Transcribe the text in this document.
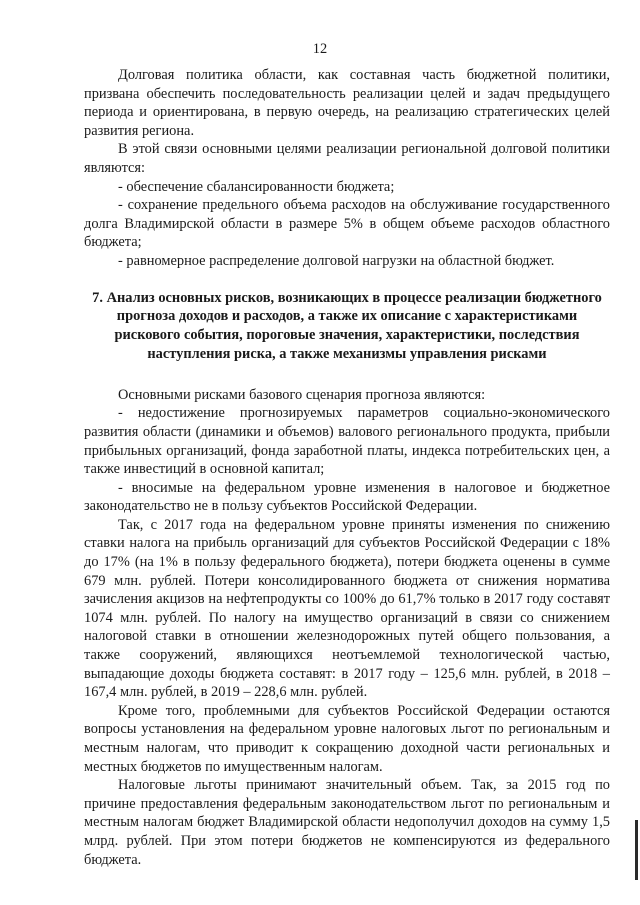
12

Долговая политика области, как составная часть бюджетной политики, призвана обеспечить последовательность реализации целей и задач предыдущего периода и ориентирована, в первую очередь, на реализацию стратегических целей развития региона.

В этой связи основными целями реализации региональной долговой политики являются:

- обеспечение сбалансированности бюджета;

- сохранение предельного объема расходов на обслуживание государственного долга Владимирской области в размере 5% в общем объеме расходов областного бюджета;

- равномерное распределение долговой нагрузки на областной бюджет.

7. Анализ основных рисков, возникающих в процессе реализации бюджетного прогноза доходов и расходов, а также их описание с характеристиками рискового события, пороговые значения, характеристики, последствия наступления риска, а также механизмы управления рисками

Основными рисками базового сценария прогноза являются:

- недостижение прогнозируемых параметров социально-экономического развития области (динамики и объемов) валового регионального продукта, прибыли прибыльных организаций, фонда заработной платы, индекса потребительских цен, а также инвестиций в основной капитал;

- вносимые на федеральном уровне изменения в налоговое и бюджетное законодательство не в пользу субъектов Российской Федерации.

Так, с 2017 года на федеральном уровне приняты изменения по снижению ставки налога на прибыль организаций для субъектов Российской Федерации с 18% до 17% (на 1% в пользу федерального бюджета), потери бюджета оценены в сумме 679 млн. рублей. Потери консолидированного бюджета от снижения норматива зачисления акцизов на нефтепродукты со 100% до 61,7% только в 2017 году составят 1074 млн. рублей. По налогу на имущество организаций в связи со снижением налоговой ставки в отношении железнодорожных путей общего пользования, а также сооружений, являющихся неотъемлемой технологической частью, выпадающие доходы бюджета составят: в 2017 году – 125,6 млн. рублей, в 2018 – 167,4 млн. рублей, в 2019 – 228,6 млн. рублей.

Кроме того, проблемными для субъектов Российской Федерации остаются вопросы установления на федеральном уровне налоговых льгот по региональным и местным налогам, что приводит к сокращению доходной части региональных и местных бюджетов по имущественным налогам.

Налоговые льготы принимают значительный объем. Так, за 2015 год по причине предоставления федеральным законодательством льгот по региональным и местным налогам бюджет Владимирской области недополучил доходов на сумму 1,5 млрд. рублей. При этом потери бюджетов не компенсируются из федерального бюджета.
